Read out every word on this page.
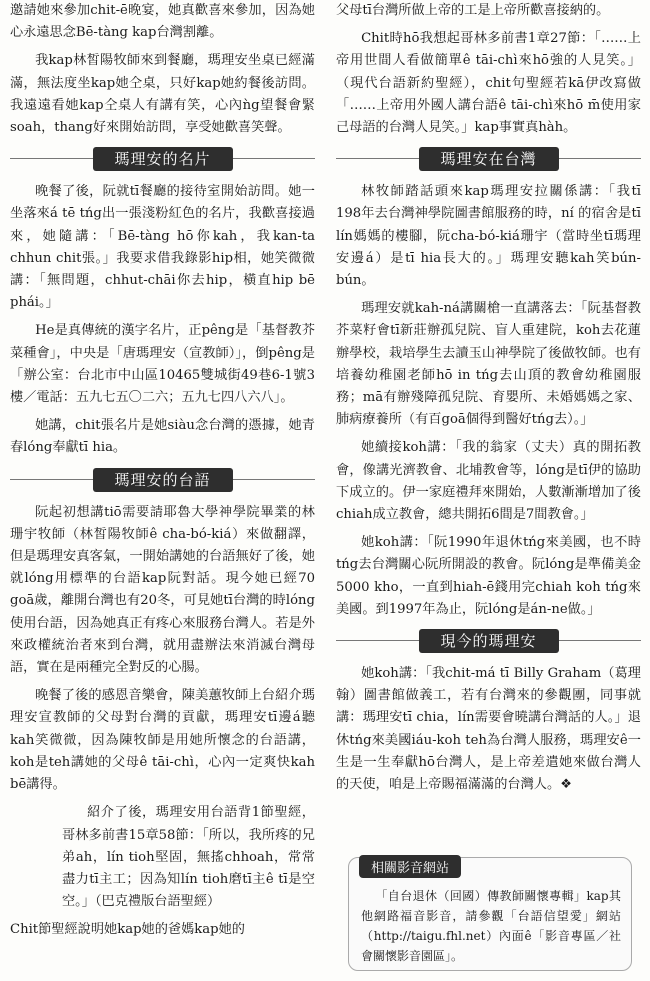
邀請她來參加chit-ē晚宴，她真歡喜來參加，因為她心永遠思念Bē-tàng kap台灣割離。

我kap林皙陽牧師來到餐廳，瑪理安坐桌已經滿滿，無法度坐kap她仝桌，只好kap她約餐後訪問。我遠遠看她kap仝桌人有講有笑，心內ǹg望餐會緊soah，thang好來開始訪問，享受她歡喜笑聲。

瑪理安的名片

晚餐了後，阮就tī餐廳的接待室開始訪問。她一坐落來á tē tńg出一張淺粉紅色的名片，我歡喜接過來，她隨講：「Bē-tàng hō你kah，我kan-ta chhun chit張。」我要求借我錄影hip相，她笑微微講：「無問題，chhut-chāi你去hip，橫直hip bē phái。」

He是真傳統的漢字名片，正pêng是「基督教芥菜種會」，中央是「唐瑪理安（宣教師）」，倒pêng是「辦公室：台北市中山區10465雙城街49巷6-1號3樓／電話：五九七五〇二六；五九七四八六八」。

她講，chit張名片是她siàu念台灣的憑據，她青春lóng奉獻tī hia。

瑪理安的台語

阮起初想講tiō需要請耶魯大學神學院畢業的林珊宇牧師（林皙陽牧師ê cha-bó-kiá）來做翻譯，但是瑪理安真客氣，一開始講她的台語無好了後，她就lóng用標準的台語kap阮對話。現今她已經70 goā歲，離開台灣也有20冬，可見她tī台灣的時lóng使用台語，因為她真正有疼心來服務台灣人。若是外來政權統治者來到台灣，就用盡辦法來消滅台灣母語，實在是兩種完全對反的心腸。

晚餐了後的感恩音樂會，陳美蕙牧師上台紹介瑪理安宣教師的父母對台灣的貢獻，瑪理安tī邊á聽kah笑微微，因為陳牧師是用她所懷念的台語講，koh是teh講她的父母ê tāi-chì，心內一定爽快kah bē講得。

紹介了後，瑪理安用台語背1節聖經，哥林多前書15章58節：「所以，我所疼的兄弟ah，lín tioh堅固，無搖chhoah，常常盡力tī主工；因為知lín tioh磨tī主ê tī是空空。」（巴克禮版台語聖經）

Chit節聖經說明她kap她的爸媽kap她的

父母tī台灣所做上帝的工是上帝所歡喜接納的。

Chit時hō我想起哥林多前書1章27節：「……上帝用世間人看做簡單ê tāi-chì來hō強的人見笑。」（現代台語新約聖經），chit句聖經若kā伊改寫做「……上帝用外國人講台語ê tāi-chì來hō m̄使用家己母語的台灣人見笑。」kap事實真hàh。

瑪理安在台灣

林牧師踏話頭來kap瑪理安拉關係講：「我tī 198年去台灣神學院圖書館服務的時，ní 的宿舍是tī lín媽媽的樓腳，阮cha-bó-kiá珊宇（當時坐tī瑪理安邊á）是tī hia長大的。」瑪理安聽kah笑bún-bún。

瑪理安就kah-ná講關槍一直講落去：「阮基督教芥菜籽會tī新莊辦孤兒院、盲人重建院，koh去花蓮辦學校，栽培學生去讀玉山神學院了後做牧師。也有培養幼稚園老師hō in tńg去山頂的教會幼稚園服務；mā有辦殘障孤兒院、育嬰所、未婚媽媽之家、肺病療養所（有百goā個得到醫好tńg去）。」

她續接koh講：「我的翁家（丈夫）真的開拓教會，像講光濟教會、北埔教會等，lóng是tī伊的協助下成立的。伊一家庭禮拜來開始，人數漸漸增加了後chiah成立教會，總共開拓6間是7間教會。」

她koh講：「阮1990年退休tńg來美國，也不時tńg去台灣關心阮所開設的教會。阮lóng是準備美金5000 kho，一直到hiah-ē錢用完chiah koh tńg來美國。到1997年為止，阮lóng是án-ne做。」

現今的瑪理安

她koh講：「我chit-má tī Billy Graham（葛理翰）圖書館做義工，若有台灣來的參觀團，同事就講：瑪理安tī chia，lín需要會曉講台灣話的人。」退休tńg來美國iáu-koh teh為台灣人服務，瑪理安ê一生是一生奉獻hō台灣人，是上帝差遣她來做台灣人的天使，咱是上帝賜福滿滿的台灣人。❖

相關影音網站
「自台退休（回國）傳教師關懷專輯」kap其他網路福音影音，請參觀「台語信望愛」網站（http://taigu.fhl.net）內面ê「影音專區／社會關懷影音園區」。
